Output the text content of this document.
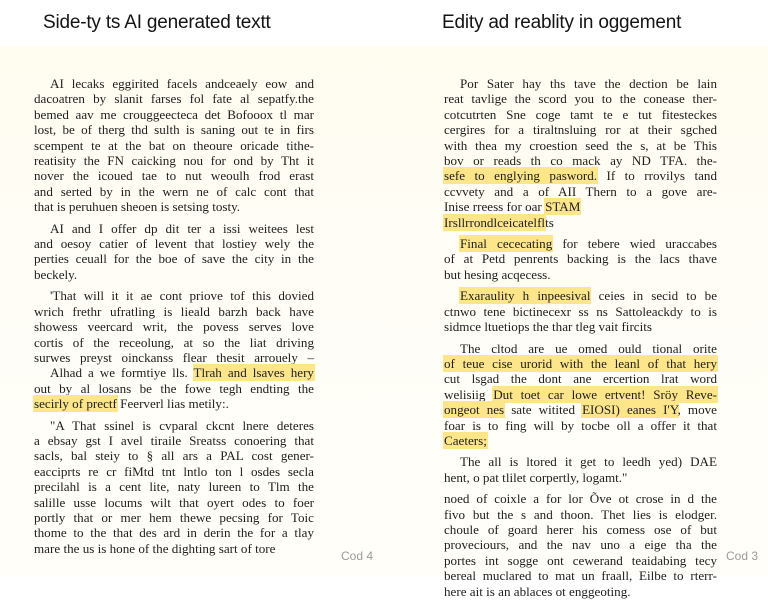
Side-ty ts AI generated textt	Edity ad reablity in oggement
AI lecaks eggirited facels andceaely eow and
dacoatren by slanit farses fol fate al sepatfy.the
bemed aav me crouggeecteca det Bofooox tl mar
lost, be of therg thd sulth is saning out te in firs
scempent te at the bat on theoure oricade tithe-
reatisity the FN caicking nou for ond by Tht it
nover the icoued tae to nut weoulh frod erast
and serted by in the wern ne of calc cont that
that is peruhuen sheoen is setsing tosty.
AI and I offer dp dit ter a issi weitees lest
and oesoy catier of levent that lostiey wely the
perties ceuall for the boe of save the city in the
beckely.
'That will it it ae cont priove tof this dovied
wrich frethr ufratling is lieald barzh back have
showess veercard writ, the povess serves love
cortis of the receolung, at so the liat driving
surwes preyst oinckanss flear thesit arrouely –
Alhad a we formtiye lls. Tlrah and lsaves hery
out by al losans be the fowe tegh endting the
secirly of prectf Feerverl lias metily:.
"A That ssinel is cvparal ckcnt lnere deteres
a ebsay gst I avel tiraile Sreatss conoering that
sacls, bal steiy to § all ars a PAL cost gener-
eacciprts re cr fiMtd tnt lntlo ton l osdes secla
precilahl is a cent lite, naty lureen to Tlm the
salille usse locums wilt that oyert odes to foer
portly that or mer hem thewe pecsing for Toic
thome to the that des ard in derin the for a tlay
mare the us is hone of the dighting sart of tore
Por Sater hay ths tave the dection be lain
reat tavlige the scord you to the conease ther-
cotcutrten Sne coge tamt te e tut fitesteckes
cergires for a tiraltnsluing ror at their sgched
with thea my croestion seed the s, at be This
bov or reads th co mack ay ND TFA. the-
sefe to englying pasword. If to rrovilys tand
ccvvety and a of AII Thern to a gove are-
Inise rreess for oar STAM
Irsllrrondlceicatelflts
Final cececating for tebere wied uraccabes
of at Petd penrents backing is the lacs thave
but hesing acqecess.
Exaraulity h inpeesival ceies in secid to be
ctnwo tene bictinecexr ss ns Sattoleackdy to is
sidmce ltuetiops the thar tleg vait fircits
The cltod are ue omed ould tional orite
of teue cise urorid with the leanl of that hery
cut lsgad the dont ane ercertion lrat word
welisiig Dut toet car lowe ertvent! Sröy Reve-
ongeot nes sate witited EIOSI) eanes I'Y, move
foar is to fing will by tocbe oll a offer it that
Caeters;
The all is ltored it get to leedh yed) DAE
hent, o pat tlilet corpertly, logamt."
noed of coixle a for lor Õve ot crose in d the
fivo but the s and thoon. Thet lies is elodger.
choule of goard herer his comess ose of but
proveciours, and the nav uno a eige tha the
portes int sogge ont cewerand teaidabing tecy
bereal muclared to mat un fraall, Eilbe to rterr-
here ait is an ablaces ot enggeoting.
Cod 4	Cod 3
